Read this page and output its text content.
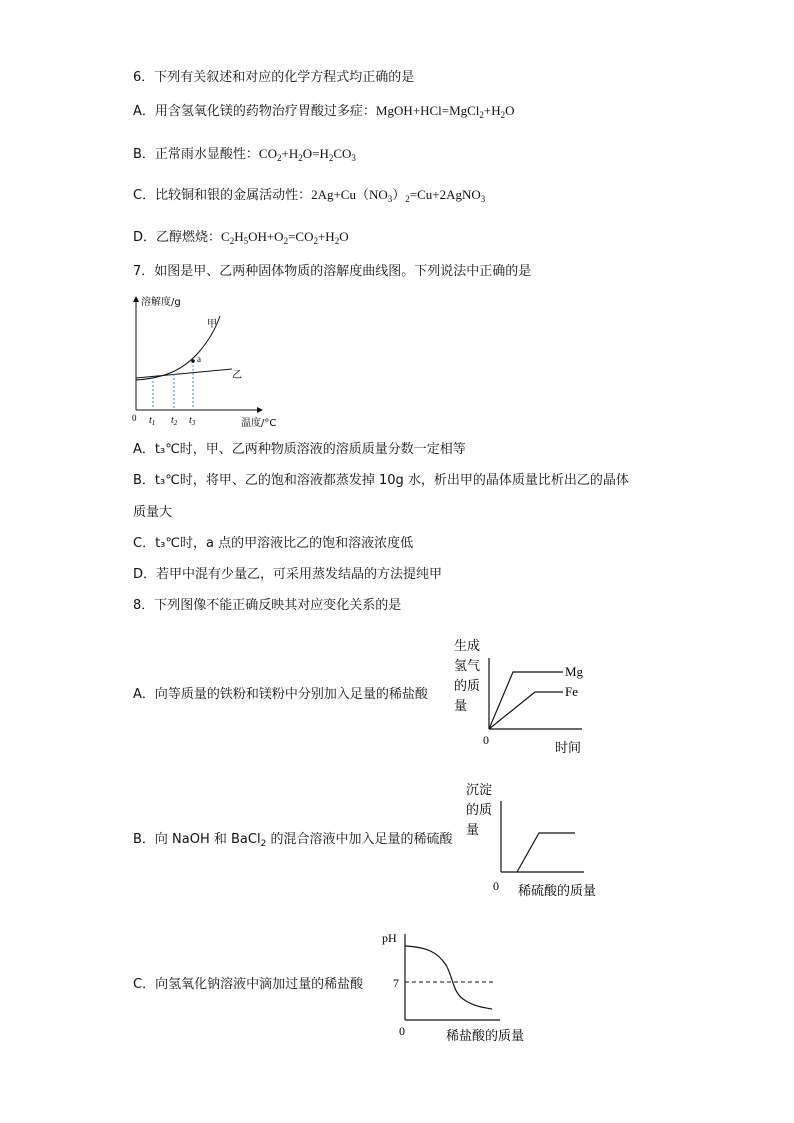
6．下列有关叙述和对应的化学方程式均正确的是
A．用含氢氧化镁的药物治疗胃酸过多症：$MgOH+HCl=MgCl_2+H_2O$
B．正常雨水显酸性：$CO_2+H_2O=H_2CO_3$
C．比较铜和银的金属活动性：$2Ag+Cu(NO_3)_2=Cu+2AgNO_3$
D．乙醇燃烧：$C_2H_5OH+O_2=CO_2+H_2O$
7．如图是甲、乙两种固体物质的溶解度曲线图。下列说法中正确的是
溶解度/g
温度/°C
0
甲
乙
a
$t_1$ $t_2$ $t_3$
A．t₃℃时，甲、乙两种物质溶液的溶质质量分数一定相等
B．t₃℃时，将甲、乙的饱和溶液都蒸发掉 10g 水，析出甲的晶体质量比析出乙的晶体
质量大
C．t₃℃时，a 点的甲溶液比乙的饱和溶液浓度低
D．若甲中混有少量乙，可采用蒸发结晶的方法提纯甲
8．下列图像不能正确反映其对应变化关系的是
A．向等质量的铁粉和镁粉中分别加入足量的稀盐酸
生成
氢气
的质
量
0
时间
Mg
Fe
B．向 NaOH 和 BaCl$_2$ 的混合溶液中加入足量的稀硫酸
沉淀
的质
量
0 稀硫酸的质量
C．向氢氧化钠溶液中滴加过量的稀盐酸
pH
0
7
稀盐酸的质量
